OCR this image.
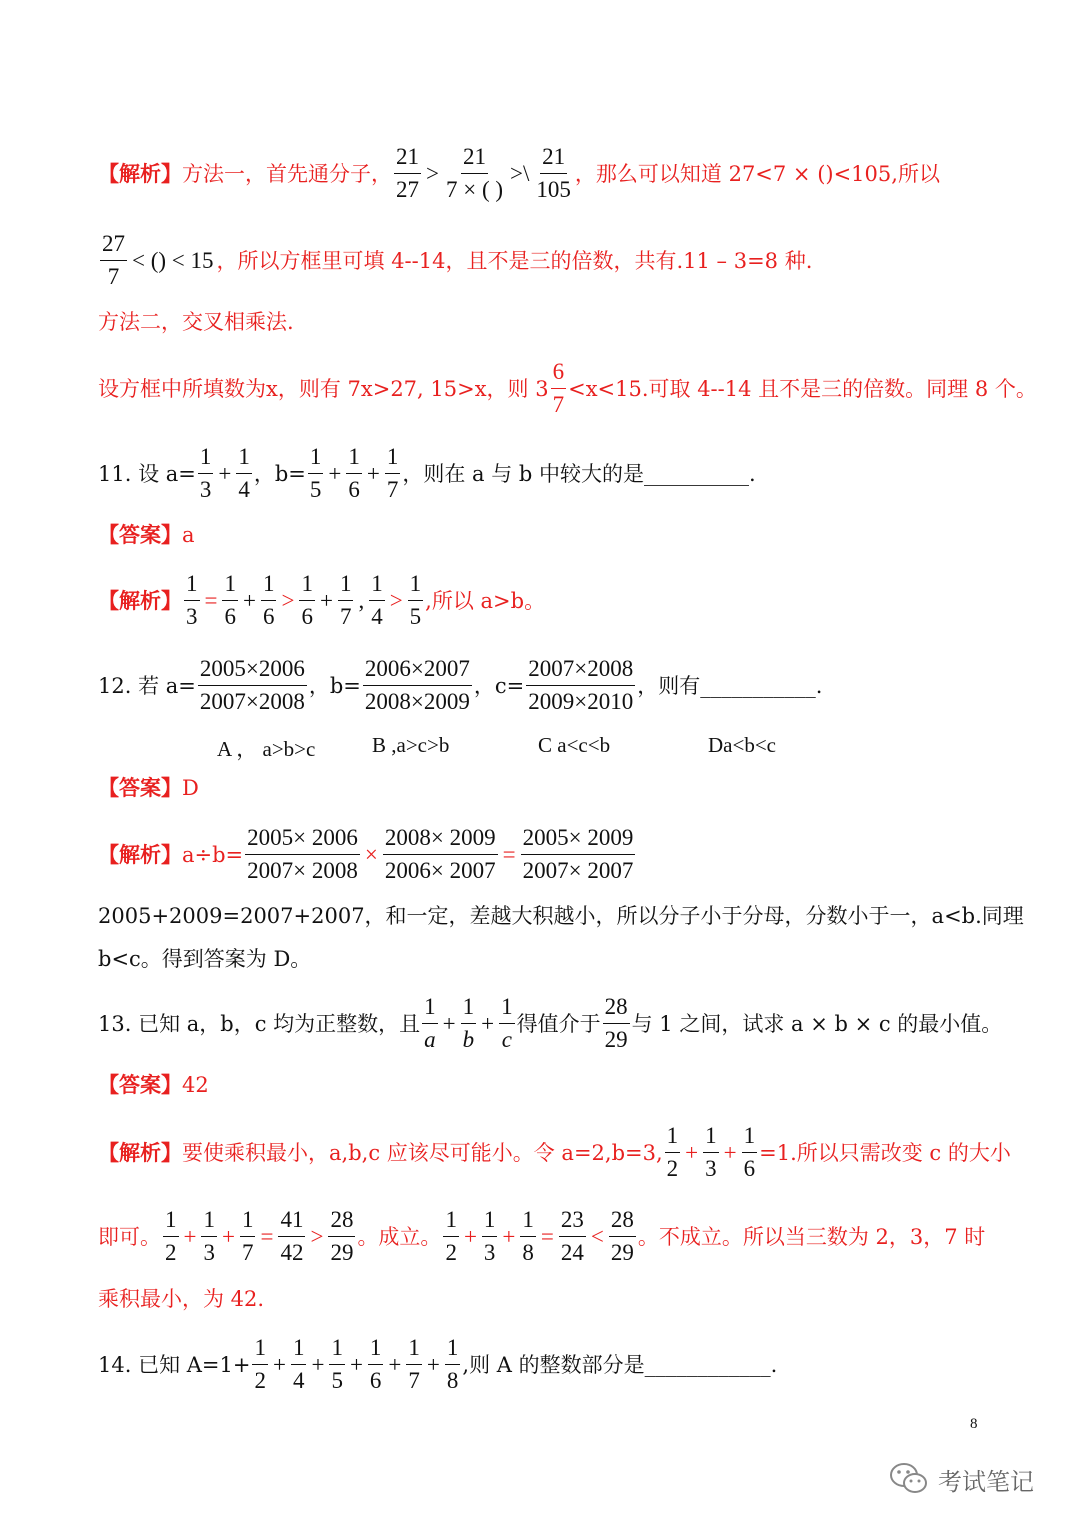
【解析】 方法一，首先通分子， $\frac{21}{27} > \frac{21}{7 \times ( )}$ >\ $\frac{21}{105}$ ，那么可以知道 27<7 × ()<105,所以
$\frac{27}{7}$ < () < 15 ，所以方框里可填 4--14，且不是三的倍数，共有.11 – 3=8 种.
方法二，交叉相乘法.
设方框中所填数为x，则有 7x>27, 15>x，则 $3 \frac{6}{7} <x<15$.可取 4--14 且不是三的倍数。同理 8 个。
11. 设 $a= \frac{1}{3} + \frac{1}{4}$ ，$b= \frac{1}{5} + \frac{1}{6} + \frac{1}{7}$ ，则在 a 与 b 中较大的是__________.
【答案】 a
【解析】 $\frac{1}{3} = \frac{1}{6} + \frac{1}{6} > \frac{1}{6} + \frac{1}{7}$ , $\frac{1}{4} > \frac{1}{5}$ ,所以 a>b。
12. 若 $a= \frac{2005\times 2006}{2007\times 2008}$ ，$b= \frac{2006\times 2007}{2008\times 2009}$ ，$c= \frac{2007\times 2008}{2009\times 2010}$ ，则有___________.
A ， a>b>c	B ,a>c>b	C a<c<b	Da<b<c
【答案】 D
【解析】 $a\div b= \frac{2005\times 2006}{2007\times 2008} \times \frac{2008\times 2009}{2006\times 2007} = \frac{2005\times 2009}{2007\times 2007}$
2005+2009=2007+2007，和一定，差越大积越小，所以分子小于分母，分数小于一，a<b.同理
b<c。得到答案为 D。
13. 已知 a，b，c 均为正整数，且 $\frac{1}{a} + \frac{1}{b} + \frac{1}{c}$ 得值介于 $\frac{28}{29}$ 与 1 之间，试求 a × b × c 的最小值。
【答案】 42
【解析】 要使乘积最小，a,b,c 应该尽可能小。令 a=2,b=3, $\frac{1}{2} + \frac{1}{3} + \frac{1}{6} =1$.所以只需改变 c 的大小
即可。 $\frac{1}{2} + \frac{1}{3} + \frac{1}{7} = \frac{41}{42} > \frac{28}{29}$ 。成立。 $\frac{1}{2} + \frac{1}{3} + \frac{1}{8} = \frac{23}{24} < \frac{28}{29}$ 。不成立。所以当三数为 2，3，7 时
乘积最小，为 42.
14. 已知 $A=1+ \frac{1}{2} + \frac{1}{4} + \frac{1}{5} + \frac{1}{6} + \frac{1}{7} + \frac{1}{8}$ ,则 A 的整数部分是____________.
8
考试笔记
